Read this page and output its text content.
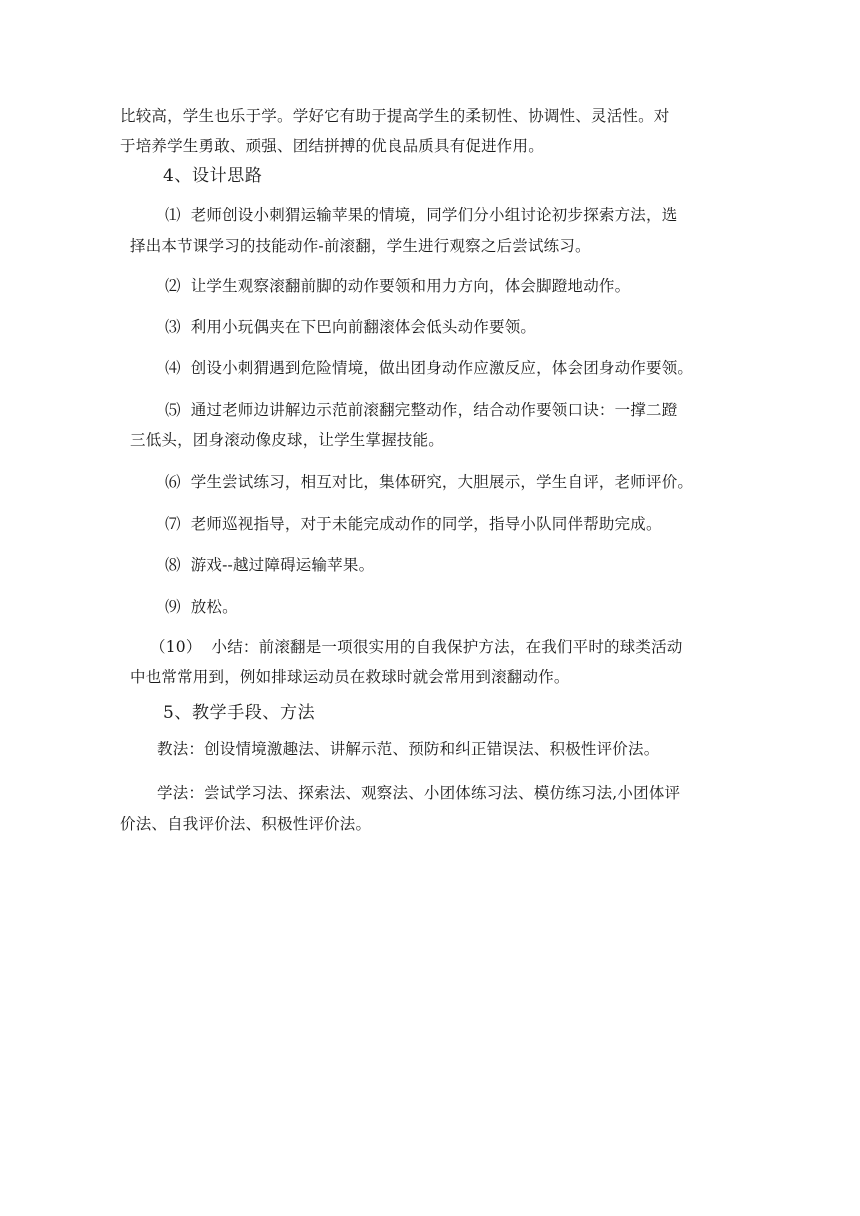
比较高，学生也乐于学。学好它有助于提高学生的柔韧性、协调性、灵活性。对
于培养学生勇敢、顽强、团结拼搏的优良品质具有促进作用。
4、设计思路
⑴ 老师创设小刺猬运输苹果的情境，同学们分小组讨论初步探索方法，选
择出本节课学习的技能动作-前滚翻，学生进行观察之后尝试练习。
⑵ 让学生观察滚翻前脚的动作要领和用力方向，体会脚蹬地动作。
⑶ 利用小玩偶夹在下巴向前翻滚体会低头动作要领。
⑷ 创设小刺猬遇到危险情境，做出团身动作应激反应，体会团身动作要领。
⑸ 通过老师边讲解边示范前滚翻完整动作，结合动作要领口诀：一撑二蹬
三低头，团身滚动像皮球，让学生掌握技能。
⑹ 学生尝试练习，相互对比，集体研究，大胆展示，学生自评，老师评价。
⑺ 老师巡视指导，对于未能完成动作的同学，指导小队同伴帮助完成。
⑻ 游戏--越过障碍运输苹果。
⑼ 放松。
（10） 小结：前滚翻是一项很实用的自我保护方法，在我们平时的球类活动
中也常常用到，例如排球运动员在救球时就会常用到滚翻动作。
5、教学手段、方法
教法：创设情境激趣法、讲解示范、预防和纠正错误法、积极性评价法。
学法：尝试学习法、探索法、观察法、小团体练习法、模仿练习法,小团体评
价法、自我评价法、积极性评价法。
